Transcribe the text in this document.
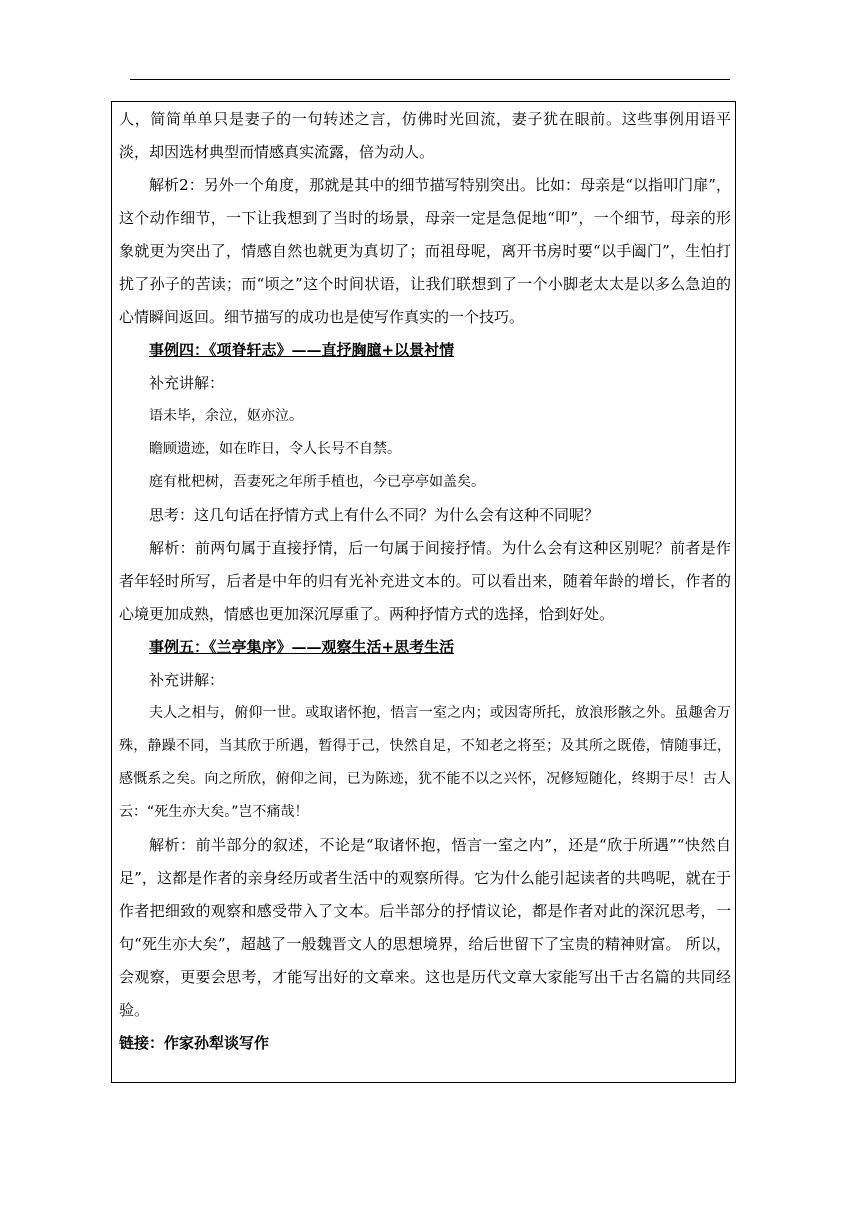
人，简简单单只是妻子的一句转述之言，仿佛时光回流，妻子犹在眼前。这些事例用语平淡，却因选材典型而情感真实流露，倍为动人。

解析2：另外一个角度，那就是其中的细节描写特别突出。比如：母亲是“以指叩门扉”，这个动作细节，一下让我想到了当时的场景，母亲一定是急促地“叩”，一个细节，母亲的形象就更为突出了，情感自然也就更为真切了；而祖母呢，离开书房时要“以手阖门”，生怕打扰了孙子的苦读；而“顷之”这个时间状语，让我们联想到了一个小脚老太太是以多么急迫的心情瞬间返回。细节描写的成功也是使写作真实的一个技巧。

事例四：《项脊轩志》——直抒胸臆+以景衬情

补充讲解：

语未毕，余泣，妪亦泣。

瞻顾遗迹，如在昨日，令人长号不自禁。

庭有枇杷树，吾妻死之年所手植也，今已亭亭如盖矣。

思考：这几句话在抒情方式上有什么不同？为什么会有这种不同呢？

解析：前两句属于直接抒情，后一句属于间接抒情。为什么会有这种区别呢？前者是作者年轻时所写，后者是中年的归有光补充进文本的。可以看出来，随着年龄的增长，作者的心境更加成熟，情感也更加深沉厚重了。两种抒情方式的选择，恰到好处。

事例五：《兰亭集序》——观察生活+思考生活

补充讲解：

夫人之相与，俯仰一世。或取诸怀抱，悟言一室之内；或因寄所托，放浪形骸之外。虽趣舍万殊，静躁不同，当其欣于所遇，暂得于己，快然自足，不知老之将至；及其所之既倦，情随事迁，感慨系之矣。向之所欣，俯仰之间，已为陈迹，犹不能不以之兴怀，况修短随化，终期于尽！古人云：“死生亦大矣。”岂不痛哉！

解析：前半部分的叙述，不论是“取诸怀抱，悟言一室之内”，还是“欣于所遇”“快然自足”，这都是作者的亲身经历或者生活中的观察所得。它为什么能引起读者的共鸣呢，就在于作者把细致的观察和感受带入了文本。后半部分的抒情议论，都是作者对此的深沉思考，一句“死生亦大矣”，超越了一般魏晋文人的思想境界，给后世留下了宝贵的精神财富。 所以，会观察，更要会思考，才能写出好的文章来。这也是历代文章大家能写出千古名篇的共同经验。

链接：作家孙犁谈写作
